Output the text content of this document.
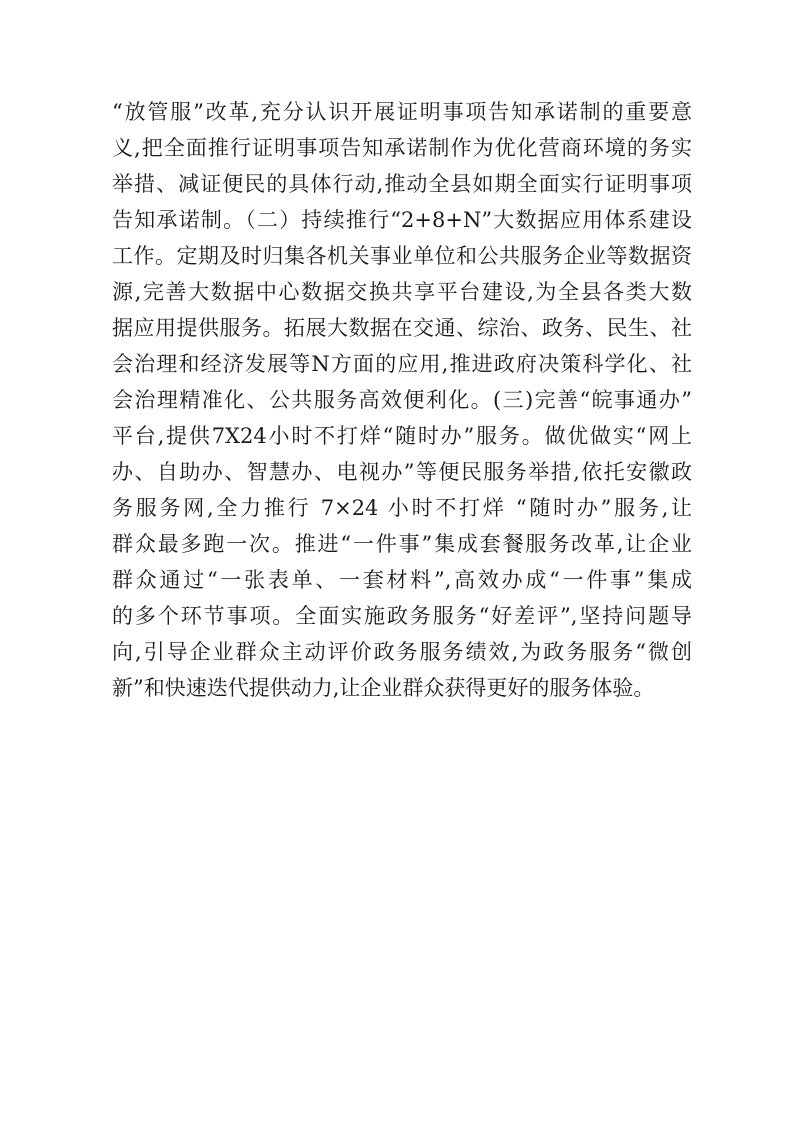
“放管服”改革,充分认识开展证明事项告知承诺制的重要意
义,把全面推行证明事项告知承诺制作为优化营商环境的务实
举措、减证便民的具体行动,推动全县如期全面实行证明事项
告知承诺制。（二）持续推行“2+8+N”大数据应用体系建设
工作。定期及时归集各机关事业单位和公共服务企业等数据资
源,完善大数据中心数据交换共享平台建设,为全县各类大数
据应用提供服务。拓展大数据在交通、综治、政务、民生、社
会治理和经济发展等N方面的应用,推进政府决策科学化、社
会治理精准化、公共服务高效便利化。(三)完善“皖事通办”
平台,提供7X24小时不打烊“随时办”服务。做优做实“网上
办、自助办、智慧办、电视办”等便民服务举措,依托安徽政
务服务网,全力推行 7×24 小时不打烊 “随时办”服务,让
群众最多跑一次。推进“一件事”集成套餐服务改革,让企业
群众通过“一张表单、一套材料”,高效办成“一件事”集成
的多个环节事项。全面实施政务服务“好差评”,坚持问题导
向,引导企业群众主动评价政务服务绩效,为政务服务“微创
新”和快速迭代提供动力,让企业群众获得更好的服务体验。
